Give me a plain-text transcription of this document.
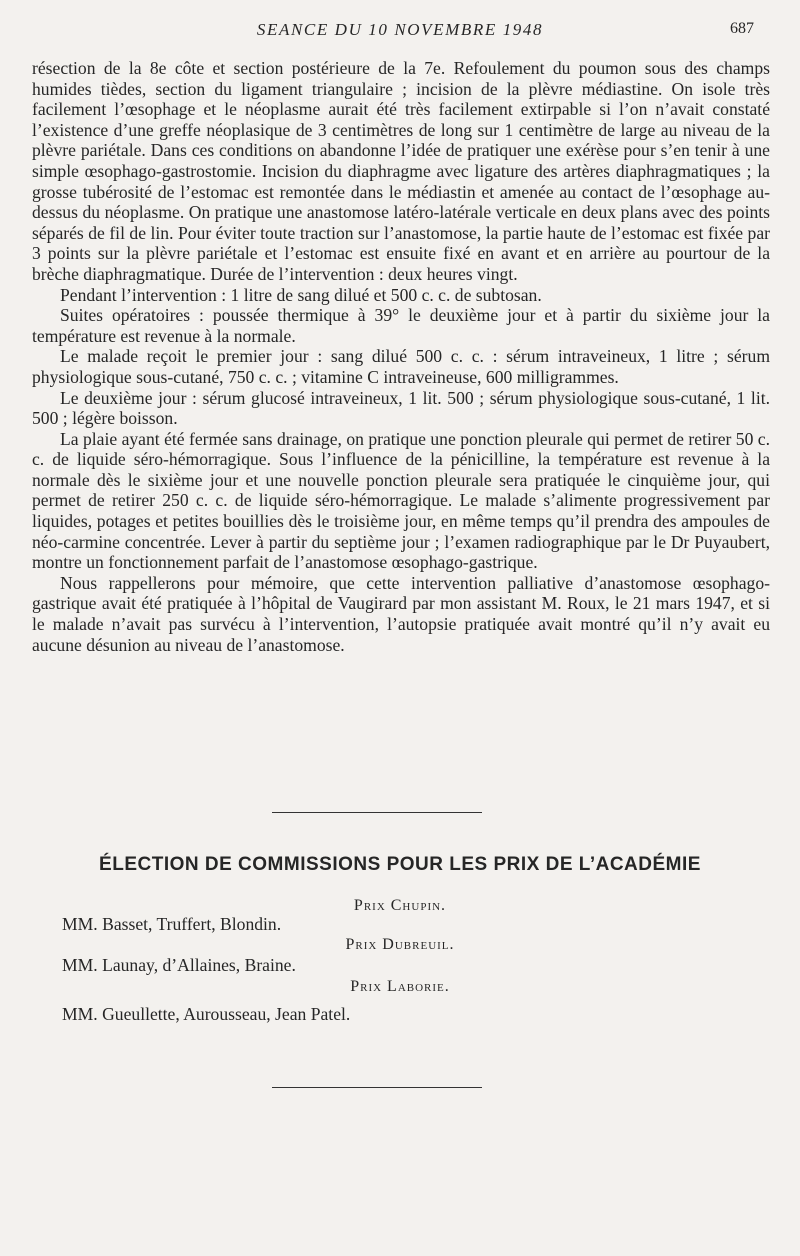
SEANCE DU 10 NOVEMBRE 1948	687

résection de la 8e côte et section postérieure de la 7e. Refoulement du poumon sous des champs humides tièdes, section du ligament triangulaire ; incision de la plèvre médiastine. On isole très facilement l’œsophage et le néoplasme aurait été très facilement extirpable si l’on n’avait constaté l’existence d’une greffe néoplasique de 3 centimètres de long sur 1 centimètre de large au niveau de la plèvre pariétale. Dans ces conditions on abandonne l’idée de pratiquer une exérèse pour s’en tenir à une simple œsophago-gastrostomie. Incision du diaphragme avec ligature des artères diaphragmatiques ; la grosse tubérosité de l’estomac est remontée dans le médiastin et amenée au contact de l’œsophage au-dessus du néoplasme. On pratique une anastomose latéro-latérale verticale en deux plans avec des points séparés de fil de lin. Pour éviter toute traction sur l’anastomose, la partie haute de l’estomac est fixée par 3 points sur la plèvre pariétale et l’estomac est ensuite fixé en avant et en arrière au pourtour de la brèche diaphragmatique. Durée de l’intervention : deux heures vingt.

Pendant l’intervention : 1 litre de sang dilué et 500 c. c. de subtosan.

Suites opératoires : poussée thermique à 39° le deuxième jour et à partir du sixième jour la température est revenue à la normale.

Le malade reçoit le premier jour : sang dilué 500 c. c. : sérum intraveineux, 1 litre ; sérum physiologique sous-cutané, 750 c. c. ; vitamine C intraveineuse, 600 milligrammes.

Le deuxième jour : sérum glucosé intraveineux, 1 lit. 500 ; sérum physiologique sous-cutané, 1 lit. 500 ; légère boisson.

La plaie ayant été fermée sans drainage, on pratique une ponction pleurale qui permet de retirer 50 c. c. de liquide séro-hémorragique. Sous l’influence de la pénicilline, la température est revenue à la normale dès le sixième jour et une nouvelle ponction pleurale sera pratiquée le cinquième jour, qui permet de retirer 250 c. c. de liquide séro-hémorragique. Le malade s’alimente progressivement par liquides, potages et petites bouillies dès le troisième jour, en même temps qu’il prendra des ampoules de néo-carmine concentrée. Lever à partir du septième jour ; l’examen radiographique par le Dr Puyaubert, montre un fonctionnement parfait de l’anastomose œsophago-gastrique.

Nous rappellerons pour mémoire, que cette intervention palliative d’anastomose œsophago-gastrique avait été pratiquée à l’hôpital de Vaugirard par mon assistant M. Roux, le 21 mars 1947, et si le malade n’avait pas survécu à l’intervention, l’autopsie pratiquée avait montré qu’il n’y avait eu aucune désunion au niveau de l’anastomose.

ÉLECTION DE COMMISSIONS POUR LES PRIX DE L’ACADÉMIE
Prix Chupin.
MM. Basset, Truffert, Blondin.
Prix Dubreuil.
MM. Launay, d’Allaines, Braine.
Prix Laborie.
MM. Gueullette, Aurousseau, Jean Patel.
